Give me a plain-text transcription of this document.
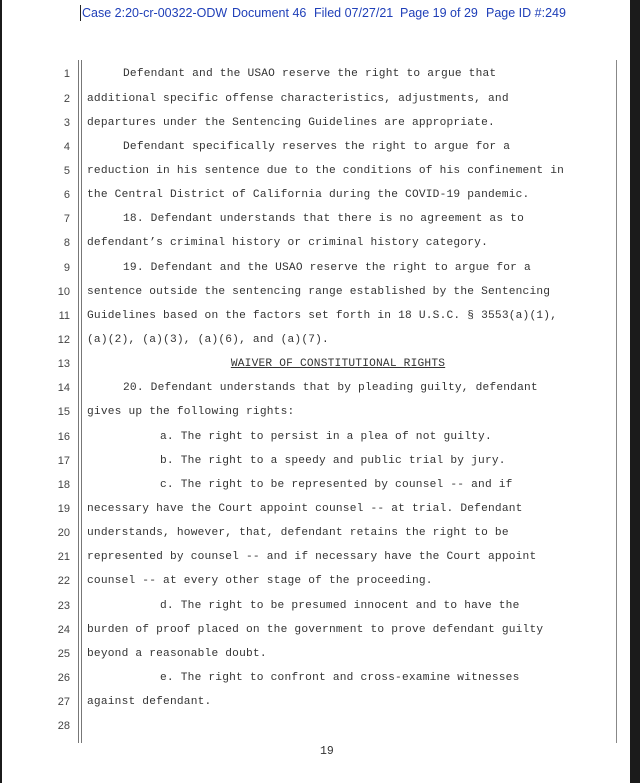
Case 2:20-cr-00322-ODW Document 46 Filed 07/27/21 Page 19 of 29 Page ID #:249
1
2
3
4
5
6
7
8
9
10
11
12
13
14
15
16
17
18
19
20
21
22
23
24
25
26
27
28
Defendant and the USAO reserve the right to argue that
additional specific offense characteristics, adjustments, and
departures under the Sentencing Guidelines are appropriate.
Defendant specifically reserves the right to argue for a
reduction in his sentence due to the conditions of his confinement in
the Central District of California during the COVID-19 pandemic.
18. Defendant understands that there is no agreement as to
defendant’s criminal history or criminal history category.
19. Defendant and the USAO reserve the right to argue for a
sentence outside the sentencing range established by the Sentencing
Guidelines based on the factors set forth in 18 U.S.C. § 3553(a)(1),
(a)(2), (a)(3), (a)(6), and (a)(7).
WAIVER OF CONSTITUTIONAL RIGHTS
20. Defendant understands that by pleading guilty, defendant
gives up the following rights:
a. The right to persist in a plea of not guilty.
b. The right to a speedy and public trial by jury.
c. The right to be represented by counsel -- and if
necessary have the Court appoint counsel -- at trial. Defendant
understands, however, that, defendant retains the right to be
represented by counsel -- and if necessary have the Court appoint
counsel -- at every other stage of the proceeding.
d. The right to be presumed innocent and to have the
burden of proof placed on the government to prove defendant guilty
beyond a reasonable doubt.
e. The right to confront and cross-examine witnesses
against defendant.
19
